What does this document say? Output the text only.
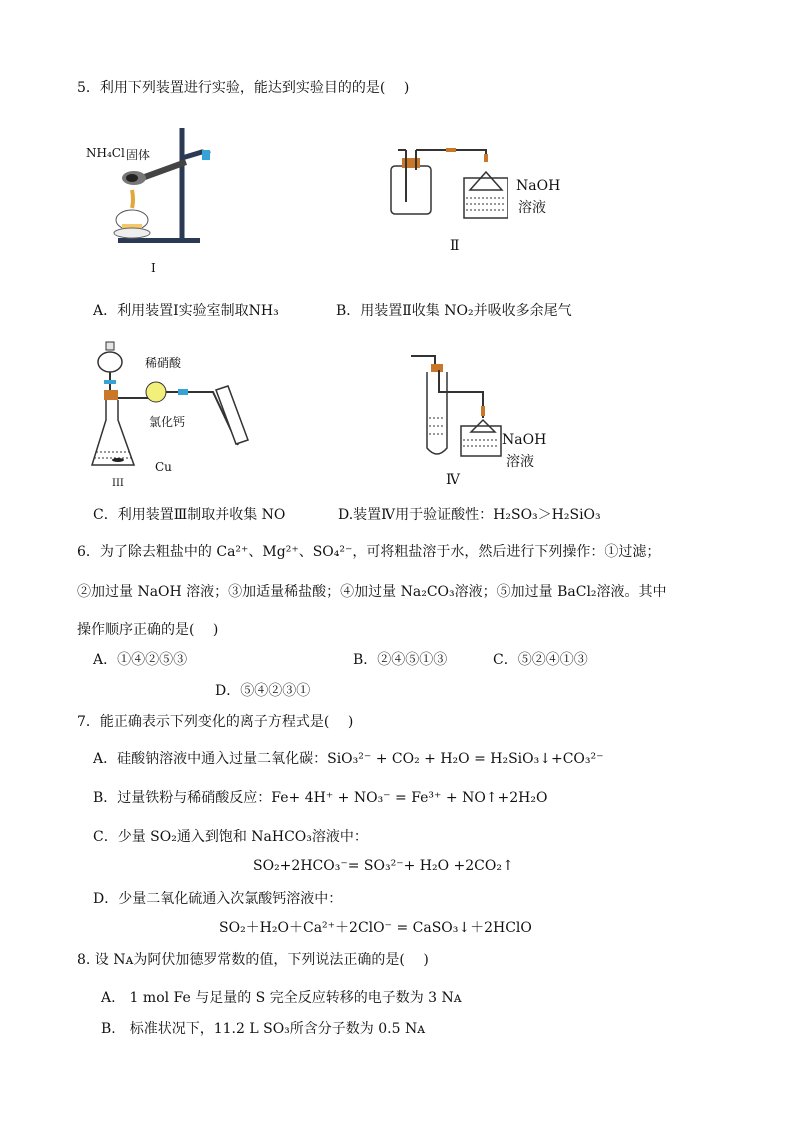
5．利用下列装置进行实验，能达到实验目的的是(　 )
NH₄Cl 固体
I
NaOH
溶液
Ⅱ
A．利用装置Ⅰ实验室制取NH₃	B．用装置Ⅱ收集 NO₂并吸收多余尾气
稀硝酸
氯化钙
Cu
III
NaOH
溶液
Ⅳ
C．利用装置Ⅲ制取并收集 NO	D.装置Ⅳ用于验证酸性：H₂SO₃＞H₂SiO₃
6．为了除去粗盐中的 Ca²⁺、Mg²⁺、SO₄²⁻，可将粗盐溶于水，然后进行下列操作：①过滤；
②加过量 NaOH 溶液；③加适量稀盐酸；④加过量 Na₂CO₃溶液；⑤加过量 BaCl₂溶液。其中
操作顺序正确的是(　 )
A．①④②⑤③	B．②④⑤①③	C．⑤②④①③
D．⑤④②③①
7．能正确表示下列变化的离子方程式是(　 )
A．硅酸钠溶液中通入过量二氧化碳：SiO₃²⁻ + CO₂ + H₂O = H₂SiO₃↓+CO₃²⁻
B．过量铁粉与稀硝酸反应：Fe+ 4H⁺ + NO₃⁻ = Fe³⁺ + NO↑+2H₂O
C．少量 SO₂通入到饱和 NaHCO₃溶液中：
SO₂+2HCO₃⁻= SO₃²⁻+ H₂O +2CO₂↑
D．少量二氧化硫通入次氯酸钙溶液中：
SO₂＋H₂O＋Ca²⁺＋2ClO⁻ = CaSO₃↓＋2HClO
8. 设 Nᴀ为阿伏加德罗常数的值，下列说法正确的是(　 )
A.　1 mol Fe 与足量的 S 完全反应转移的电子数为 3 Nᴀ
B.　标准状况下，11.2 L SO₃所含分子数为 0.5 Nᴀ
